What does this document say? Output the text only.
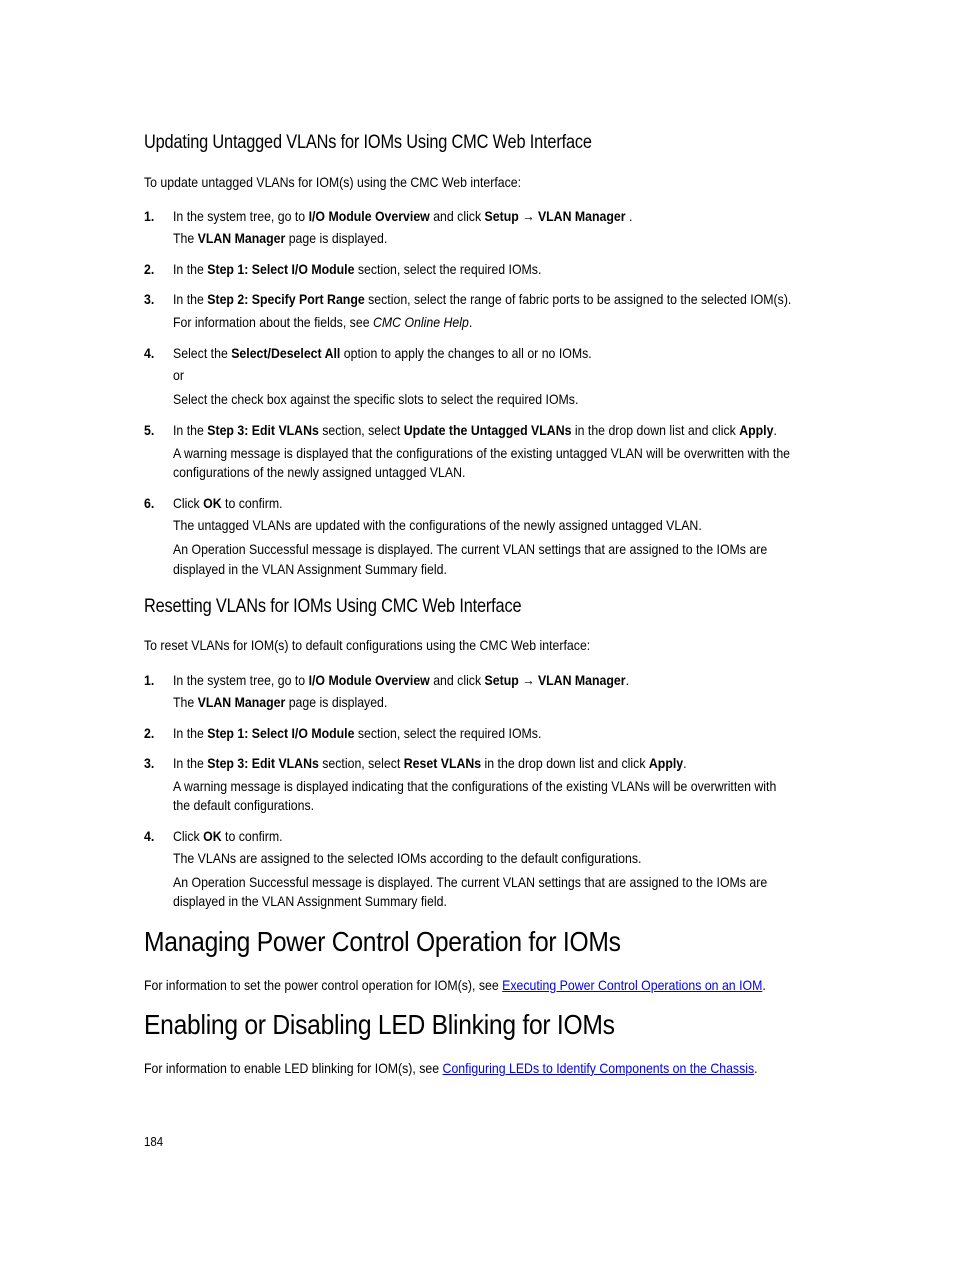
Updating Untagged VLANs for IOMs Using CMC Web Interface

To update untagged VLANs for IOM(s) using the CMC Web interface:

1. In the system tree, go to I/O Module Overview and click Setup → VLAN Manager .

The VLAN Manager page is displayed.

2. In the Step 1: Select I/O Module section, select the required IOMs.

3. In the Step 2: Specify Port Range section, select the range of fabric ports to be assigned to the selected IOM(s).

For information about the fields, see CMC Online Help.

4. Select the Select/Deselect All option to apply the changes to all or no IOMs.

or

Select the check box against the specific slots to select the required IOMs.

5. In the Step 3: Edit VLANs section, select Update the Untagged VLANs in the drop down list and click Apply.

A warning message is displayed that the configurations of the existing untagged VLAN will be overwritten with the

configurations of the newly assigned untagged VLAN.

6. Click OK to confirm.

The untagged VLANs are updated with the configurations of the newly assigned untagged VLAN.

An Operation Successful message is displayed. The current VLAN settings that are assigned to the IOMs are

displayed in the VLAN Assignment Summary field.

Resetting VLANs for IOMs Using CMC Web Interface

To reset VLANs for IOM(s) to default configurations using the CMC Web interface:

1. In the system tree, go to I/O Module Overview and click Setup → VLAN Manager.

The VLAN Manager page is displayed.

2. In the Step 1: Select I/O Module section, select the required IOMs.

3. In the Step 3: Edit VLANs section, select Reset VLANs in the drop down list and click Apply.

A warning message is displayed indicating that the configurations of the existing VLANs will be overwritten with

the default configurations.

4. Click OK to confirm.

The VLANs are assigned to the selected IOMs according to the default configurations.

An Operation Successful message is displayed. The current VLAN settings that are assigned to the IOMs are

displayed in the VLAN Assignment Summary field.

Managing Power Control Operation for IOMs

For information to set the power control operation for IOM(s), see Executing Power Control Operations on an IOM.

Enabling or Disabling LED Blinking for IOMs

For information to enable LED blinking for IOM(s), see Configuring LEDs to Identify Components on the Chassis.

184
